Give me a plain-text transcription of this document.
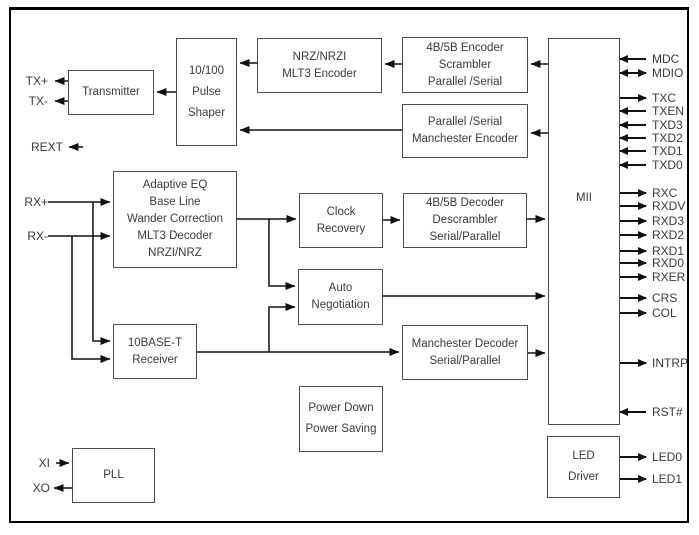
Transmitter
10/100
Pulse
Shaper
NRZ/NRZI
MLT3 Encoder
4B/5B Encoder
Scrambler
Parallel /Serial
Parallel /Serial
Manchester Encoder
Adaptive EQ
Base Line
Wander Correction
MLT3 Decoder
NRZI/NRZ
Clock
Recovery
4B/5B Decoder
Descrambler
Serial/Parallel
Auto
Negotiation
10BASE-T
Receiver
Manchester Decoder
Serial/Parallel
Power Down
Power Saving
PLL
MII
LED
Driver
TX+
TX-
REXT
RX+
RX-
XI
XO
MDC
MDIO
TXC
TXEN
TXD3
TXD2
TXD1
TXD0
RXC
RXDV
RXD3
RXD2
RXD1
RXD0
RXER
CRS
COL
INTRP
RST#
LED0
LED1
